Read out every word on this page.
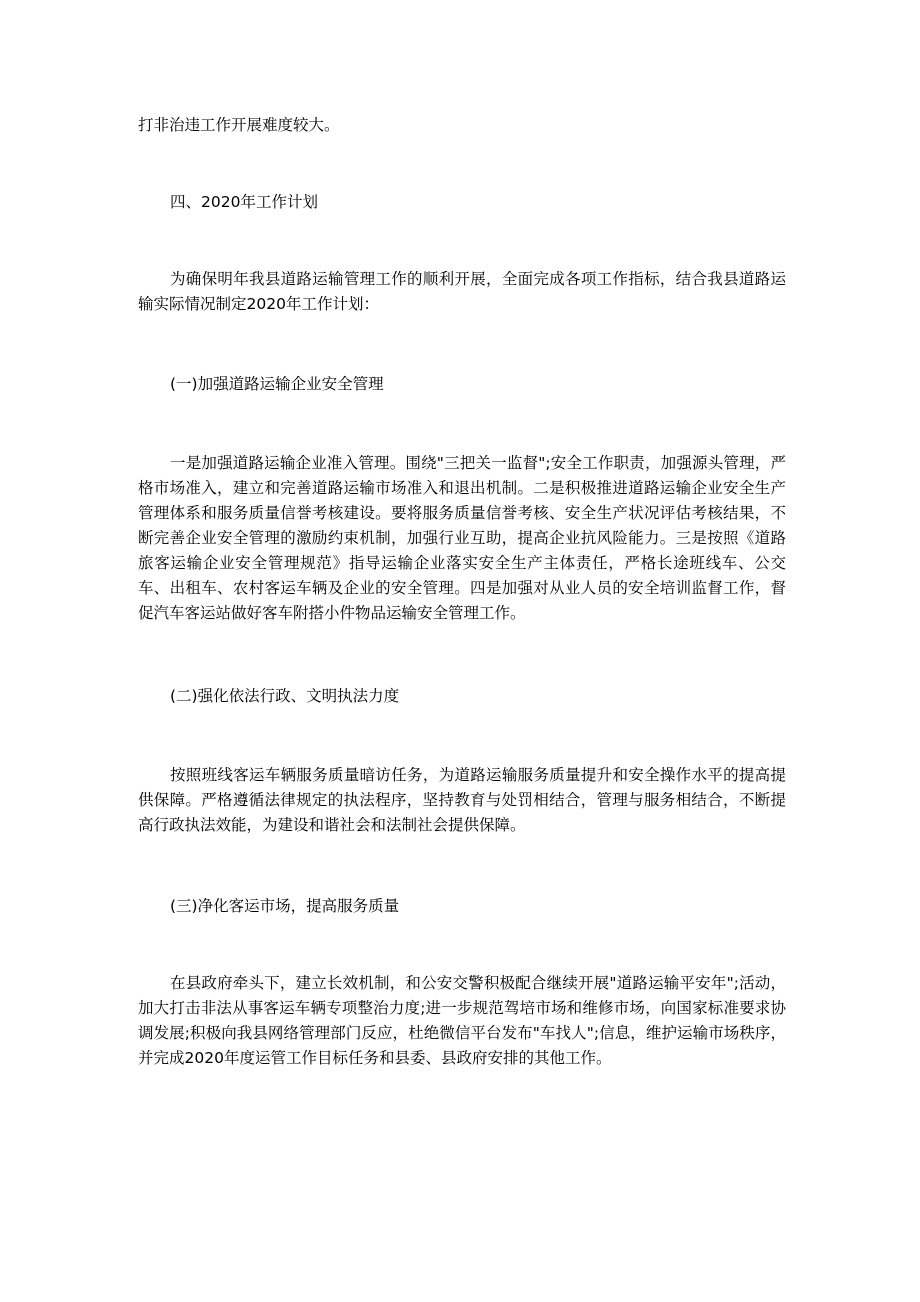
打非治违工作开展难度较大。

四、2020年工作计划

为确保明年我县道路运输管理工作的顺利开展，全面完成各项工作指标，结合我县道路运输实际情况制定2020年工作计划：

(一)加强道路运输企业安全管理

一是加强道路运输企业准入管理。围绕"三把关一监督";安全工作职责，加强源头管理，严格市场准入，建立和完善道路运输市场准入和退出机制。二是积极推进道路运输企业安全生产管理体系和服务质量信誉考核建设。要将服务质量信誉考核、安全生产状况评估考核结果，不断完善企业安全管理的激励约束机制，加强行业互助，提高企业抗风险能力。三是按照《道路旅客运输企业安全管理规范》指导运输企业落实安全生产主体责任，严格长途班线车、公交车、出租车、农村客运车辆及企业的安全管理。四是加强对从业人员的安全培训监督工作，督促汽车客运站做好客车附搭小件物品运输安全管理工作。

(二)强化依法行政、文明执法力度

按照班线客运车辆服务质量暗访任务，为道路运输服务质量提升和安全操作水平的提高提供保障。严格遵循法律规定的执法程序，坚持教育与处罚相结合，管理与服务相结合，不断提高行政执法效能，为建设和谐社会和法制社会提供保障。

(三)净化客运市场，提高服务质量

在县政府牵头下，建立长效机制，和公安交警积极配合继续开展"道路运输平安年";活动，加大打击非法从事客运车辆专项整治力度;进一步规范驾培市场和维修市场，向国家标准要求协调发展;积极向我县网络管理部门反应，杜绝微信平台发布"车找人";信息，维护运输市场秩序，并完成2020年度运管工作目标任务和县委、县政府安排的其他工作。
